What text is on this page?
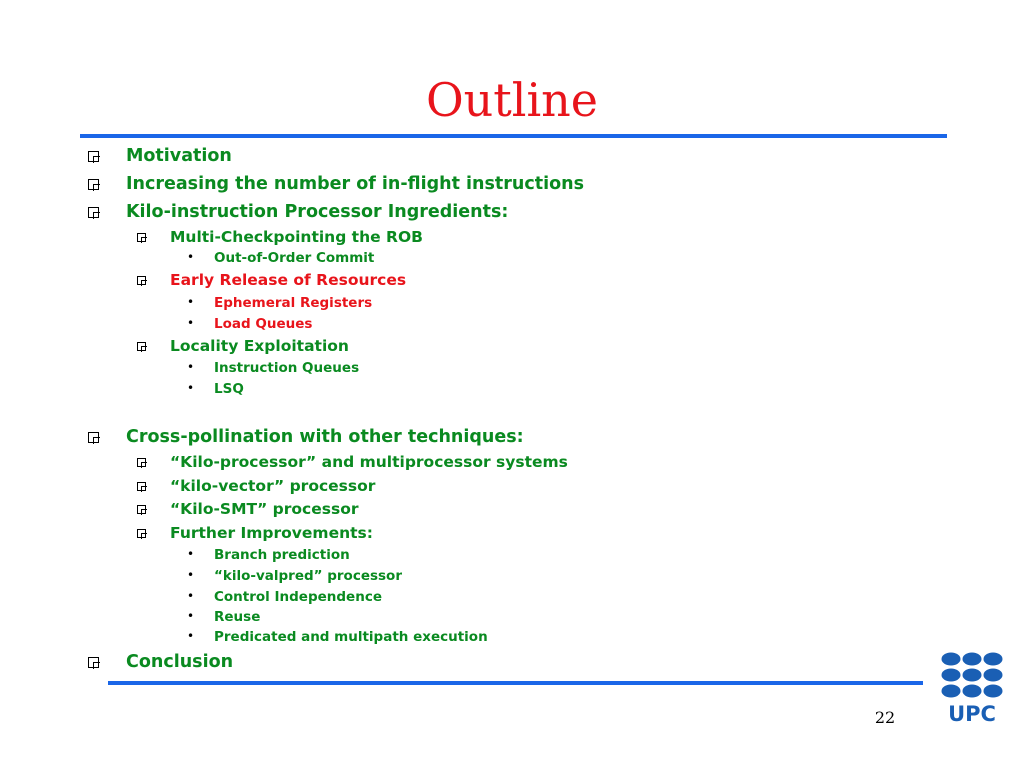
Outline
Motivation
Increasing the number of in-flight instructions
Kilo-instruction Processor Ingredients:
Multi-Checkpointing the ROB
Out-of-Order Commit
•
Early Release of Resources
Ephemeral Registers
•
Load Queues
•
Locality Exploitation
Instruction Queues
•
LSQ
•
Cross-pollination with other techniques:
“Kilo-processor” and multiprocessor systems
“kilo-vector” processor
“Kilo-SMT” processor
Further Improvements:
Branch prediction
•
“kilo-valpred” processor
•
Control Independence
•
Reuse
•
Predicated and multipath execution
•
Conclusion
22	UPC
